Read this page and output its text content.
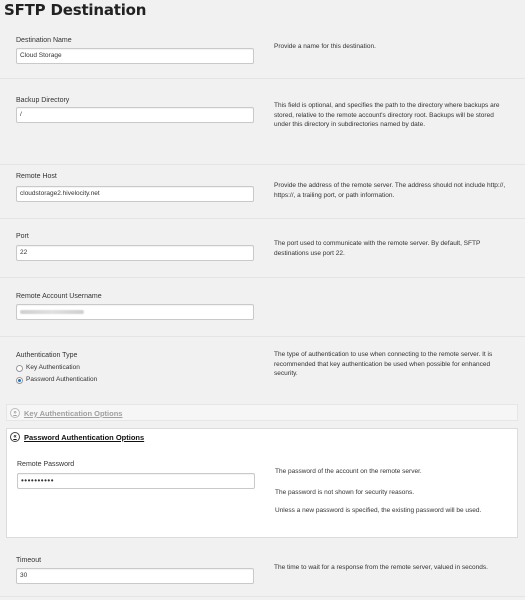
SFTP Destination
Destination Name
Cloud Storage

Provide a name for this destination.

Backup Directory
/

This field is optional, and specifies the path to the directory where backups are stored, relative to the remote account's directory root. Backups will be stored under this directory in subdirectories named by date.

Remote Host
cloudstorage2.hivelocity.net

Provide the address of the remote server. The address should not include http://, https://, a trailing port, or path information.

Port
22

The port used to communicate with the remote server. By default, SFTP destinations use port 22.

Remote Account Username
Authentication Type
Key Authentication
Password Authentication

The type of authentication to use when connecting to the remote server. It is recommended that key authentication be used when possible for enhanced security.

» Key Authentication Options
« Password Authentication Options
Remote Password
••••••••••

The password of the account on the remote server.

The password is not shown for security reasons.

Unless a new password is specified, the existing password will be used.

Timeout
30

The time to wait for a response from the remote server, valued in seconds.
